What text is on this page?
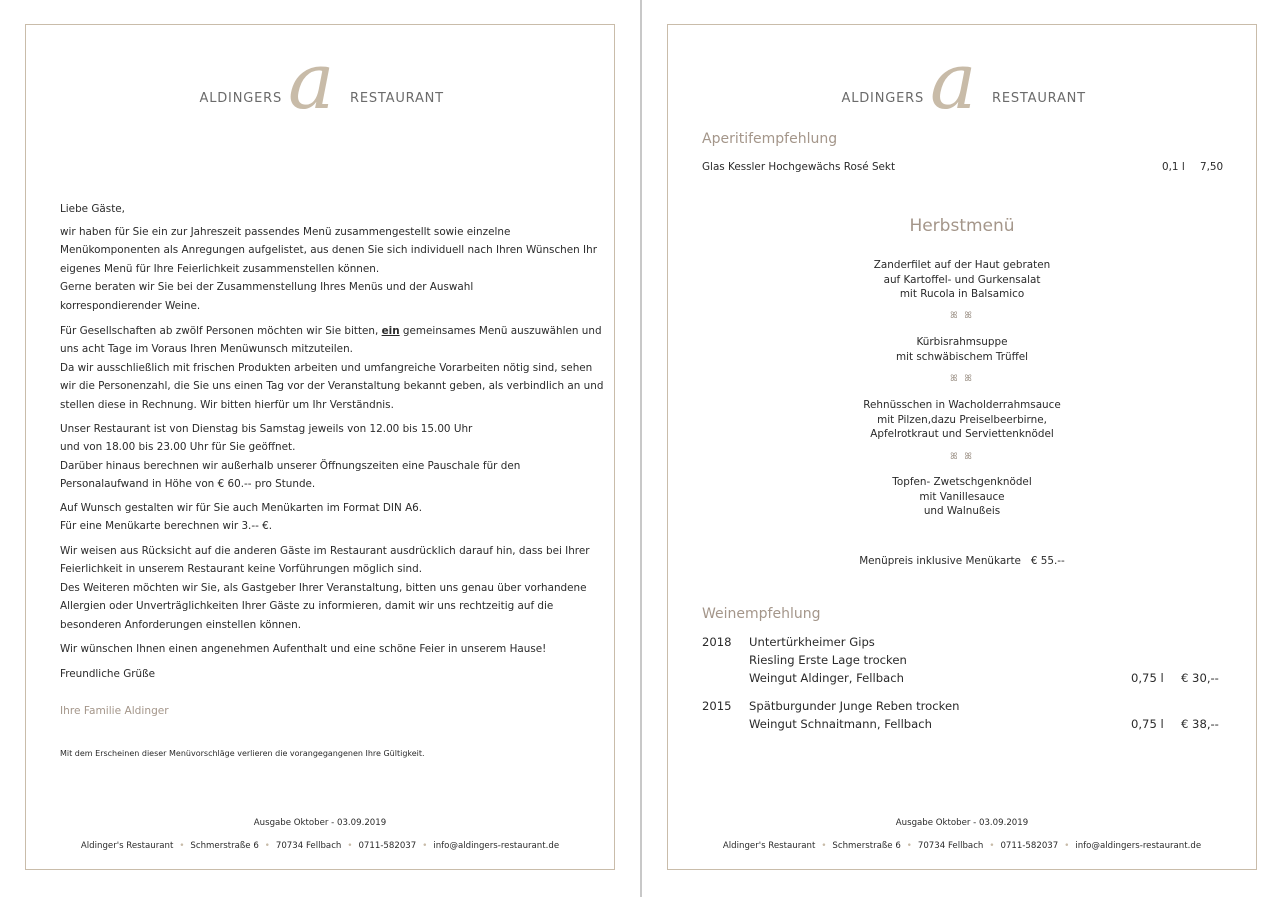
ALDINGERS a RESTAURANT

Liebe Gäste,

wir haben für Sie ein zur Jahreszeit passendes Menü zusammengestellt sowie einzelne

Menükomponenten als Anregungen aufgelistet, aus denen Sie sich individuell nach Ihren Wünschen Ihr

eigenes Menü für Ihre Feierlichkeit zusammenstellen können.

Gerne beraten wir Sie bei der Zusammenstellung Ihres Menüs und der Auswahl

korrespondierender Weine.

Für Gesellschaften ab zwölf Personen möchten wir Sie bitten, ein gemeinsames Menü auszuwählen und

uns acht Tage im Voraus Ihren Menüwunsch mitzuteilen.

Da wir ausschließlich mit frischen Produkten arbeiten und umfangreiche Vorarbeiten nötig sind, sehen

wir die Personenzahl, die Sie uns einen Tag vor der Veranstaltung bekannt geben, als verbindlich an und

stellen diese in Rechnung. Wir bitten hierfür um Ihr Verständnis.

Unser Restaurant ist von Dienstag bis Samstag jeweils von 12.00 bis 15.00 Uhr

und von 18.00 bis 23.00 Uhr für Sie geöffnet.

Darüber hinaus berechnen wir außerhalb unserer Öffnungszeiten eine Pauschale für den

Personalaufwand in Höhe von € 60.-- pro Stunde.

Auf Wunsch gestalten wir für Sie auch Menükarten im Format DIN A6.

Für eine Menükarte berechnen wir 3.-- €.

Wir weisen aus Rücksicht auf die anderen Gäste im Restaurant ausdrücklich darauf hin, dass bei Ihrer

Feierlichkeit in unserem Restaurant keine Vorführungen möglich sind.

Des Weiteren möchten wir Sie, als Gastgeber Ihrer Veranstaltung, bitten uns genau über vorhandene

Allergien oder Unverträglichkeiten Ihrer Gäste zu informieren, damit wir uns rechtzeitig auf die

besonderen Anforderungen einstellen können.

Wir wünschen Ihnen einen angenehmen Aufenthalt und eine schöne Feier in unserem Hause!

Freundliche Grüße

Ihre Familie Aldinger
Mit dem Erscheinen dieser Menüvorschläge verlieren die vorangegangenen Ihre Gültigkeit.
Ausgabe Oktober - 03.09.2019
Aldinger's Restaurant • Schmerstraße 6 • 70734 Fellbach • 0711-582037 • info@aldingers-restaurant.de
ALDINGERS a RESTAURANT
Aperitifempfehlung
Glas Kessler Hochgewächs Rosé Sekt	0,1 l 7,50
Herbstmenü
Zanderfilet auf der Haut gebraten
auf Kartoffel- und Gurkensalat
mit Rucola in Balsamico
ꕤ ꕤ
Kürbisrahmsuppe
mit schwäbischem Trüffel
ꕤ ꕤ
Rehnüsschen in Wacholderrahmsauce
mit Pilzen,dazu Preiselbeerbirne,
Apfelrotkraut und Serviettenknödel
ꕤ ꕤ
Topfen- Zwetschgenknödel
mit Vanillesauce
und Walnußeis
Menüpreis inklusive Menükarte € 55.--
Weinempfehlung
2018 Untertürkheimer Gips
Riesling Erste Lage trocken
Weingut Aldinger, Fellbach	0,75 l € 30,--
2015 Spätburgunder Junge Reben trocken
Weingut Schnaitmann, Fellbach	0,75 l € 38,--
Ausgabe Oktober - 03.09.2019
Aldinger's Restaurant • Schmerstraße 6 • 70734 Fellbach • 0711-582037 • info@aldingers-restaurant.de
